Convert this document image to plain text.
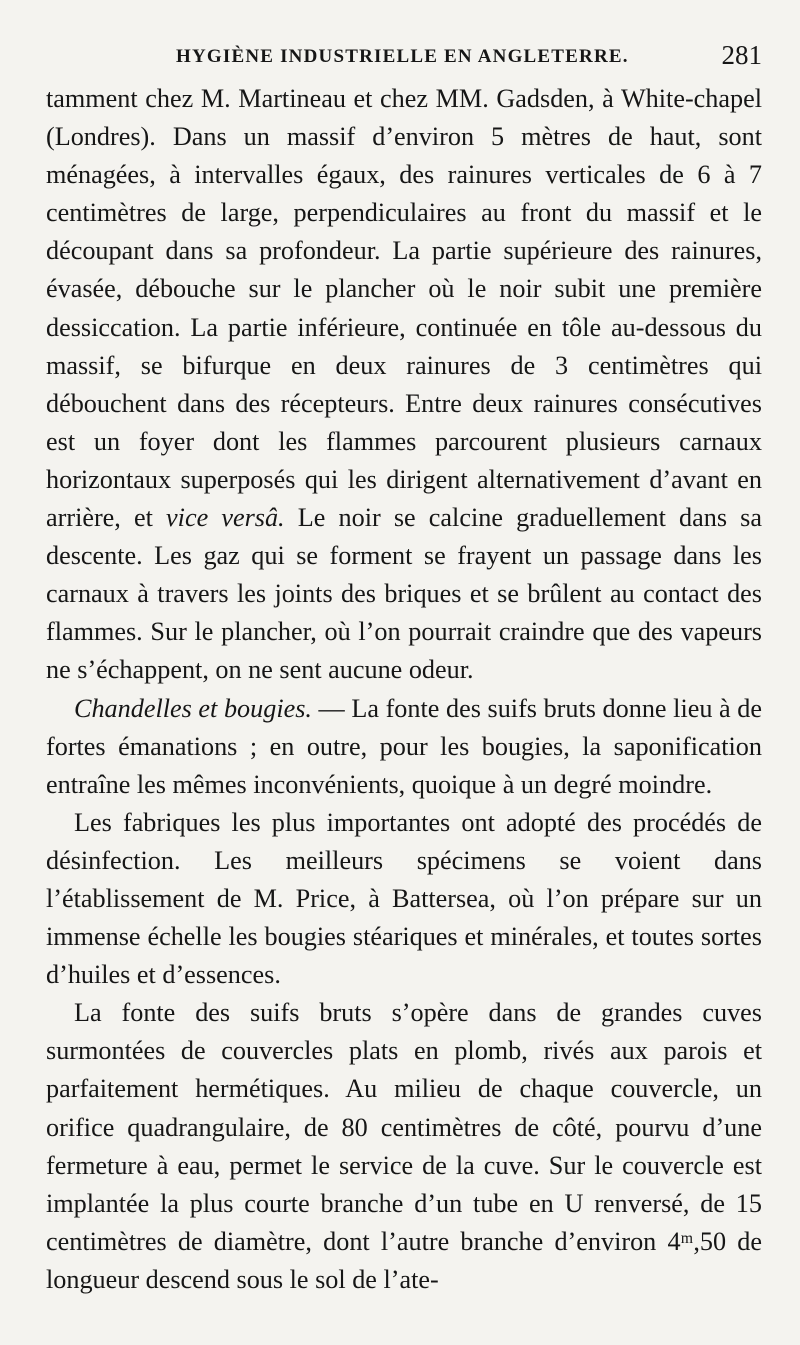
HYGIÈNE INDUSTRIELLE EN ANGLETERRE.	281

tamment chez M. Martineau et chez MM. Gadsden, à White-chapel (Londres). Dans un massif d’environ 5 mètres de haut, sont ménagées, à intervalles égaux, des rainures verticales de 6 à 7 centimètres de large, perpendiculaires au front du massif et le découpant dans sa profondeur. La partie supérieure des rainures, évasée, débouche sur le plancher où le noir subit une première dessiccation. La partie inférieure, continuée en tôle au-dessous du massif, se bifurque en deux rainures de 3 centimètres qui débouchent dans des récepteurs. Entre deux rainures consécutives est un foyer dont les flammes parcourent plusieurs carnaux horizontaux superposés qui les dirigent alternativement d’avant en arrière, et vice versâ. Le noir se calcine graduellement dans sa descente. Les gaz qui se forment se frayent un passage dans les carnaux à travers les joints des briques et se brûlent au contact des flammes. Sur le plancher, où l’on pourrait craindre que des vapeurs ne s’échappent, on ne sent aucune odeur.

Chandelles et bougies. — La fonte des suifs bruts donne lieu à de fortes émanations ; en outre, pour les bougies, la saponification entraîne les mêmes inconvénients, quoique à un degré moindre.

Les fabriques les plus importantes ont adopté des procédés de désinfection. Les meilleurs spécimens se voient dans l’établissement de M. Price, à Battersea, où l’on prépare sur un immense échelle les bougies stéariques et minérales, et toutes sortes d’huiles et d’essences.

La fonte des suifs bruts s’opère dans de grandes cuves surmontées de couvercles plats en plomb, rivés aux parois et parfaitement hermétiques. Au milieu de chaque couvercle, un orifice quadrangulaire, de 80 centimètres de côté, pourvu d’une fermeture à eau, permet le service de la cuve. Sur le couvercle est implantée la plus courte branche d’un tube en U renversé, de 15 centimètres de diamètre, dont l’autre branche d’environ 4ᵐ,50 de longueur descend sous le sol de l’ate-
